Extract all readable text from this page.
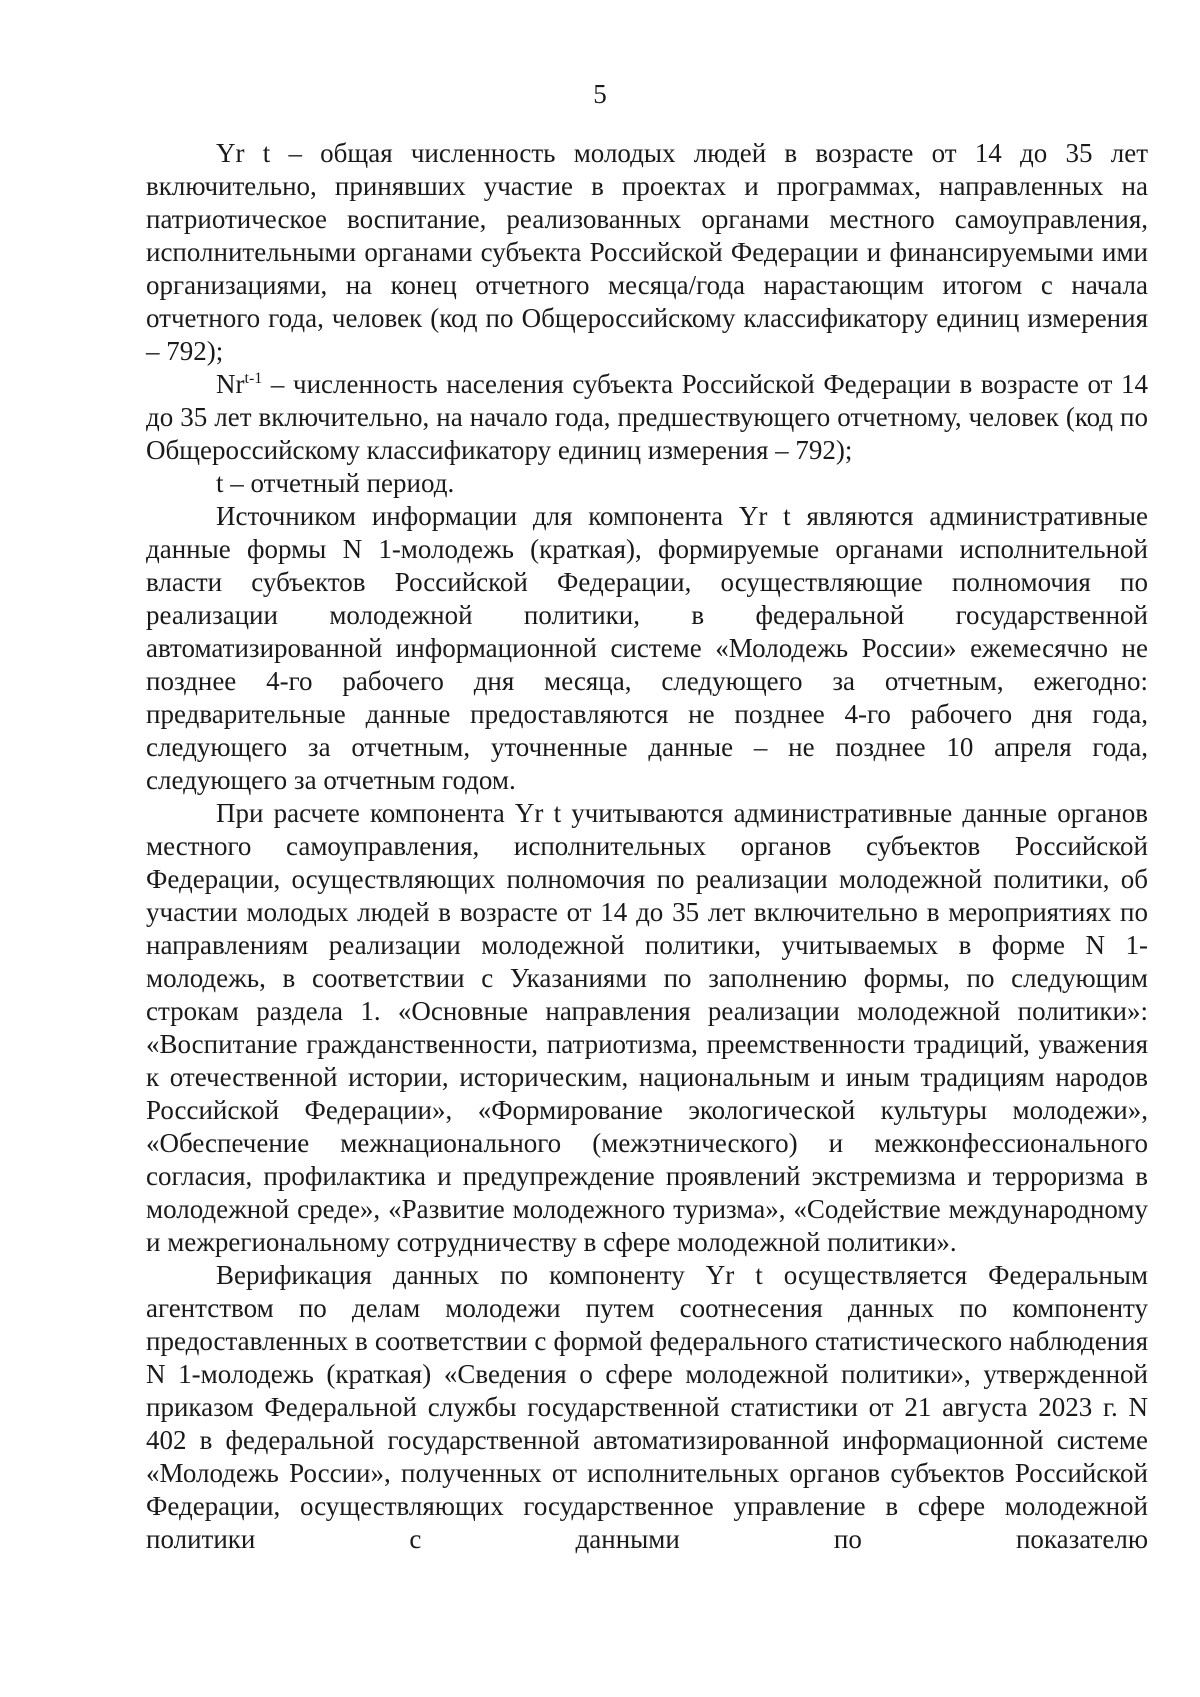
5

Yr t – общая численность молодых людей в возрасте от 14 до 35 лет включительно, принявших участие в проектах и программах, направленных на патриотическое воспитание, реализованных органами местного самоуправления, исполнительными органами субъекта Российской Федерации и финансируемыми ими организациями, на конец отчетного месяца/года нарастающим итогом с начала отчетного года, человек (код по Общероссийскому классификатору единиц измерения – 792);

Nr$^{t-1}$ – численность населения субъекта Российской Федерации в возрасте от 14 до 35 лет включительно, на начало года, предшествующего отчетному, человек (код по Общероссийскому классификатору единиц измерения – 792);

t – отчетный период.

Источником информации для компонента Yr t являются административные данные формы N 1-молодежь (краткая), формируемые органами исполнительной власти субъектов Российской Федерации, осуществляющие полномочия по реализации молодежной политики, в федеральной государственной автоматизированной информационной системе «Молодежь России» ежемесячно не позднее 4-го рабочего дня месяца, следующего за отчетным, ежегодно: предварительные данные предоставляются не позднее 4-го рабочего дня года, следующего за отчетным, уточненные данные – не позднее 10 апреля года, следующего за отчетным годом.

При расчете компонента Yr t учитываются административные данные органов местного самоуправления, исполнительных органов субъектов Российской Федерации, осуществляющих полномочия по реализации молодежной политики, об участии молодых людей в возрасте от 14 до 35 лет включительно в мероприятиях по направлениям реализации молодежной политики, учитываемых в форме N 1-молодежь, в соответствии с Указаниями по заполнению формы, по следующим строкам раздела 1. «Основные направления реализации молодежной политики»: «Воспитание гражданственности, патриотизма, преемственности традиций, уважения к отечественной истории, историческим, национальным и иным традициям народов Российской Федерации», «Формирование экологической культуры молодежи», «Обеспечение межнационального (межэтнического) и межконфессионального согласия, профилактика и предупреждение проявлений экстремизма и терроризма в молодежной среде», «Развитие молодежного туризма», «Содействие международному и межрегиональному сотрудничеству в сфере молодежной политики».

Верификация данных по компоненту Yr t осуществляется Федеральным агентством по делам молодежи путем соотнесения данных по компоненту предоставленных в соответствии с формой федерального статистического наблюдения N 1-молодежь (краткая) «Сведения о сфере молодежной политики», утвержденной приказом Федеральной службы государственной статистики от 21 августа 2023 г. N 402 в федеральной государственной автоматизированной информационной системе «Молодежь России», полученных от исполнительных органов субъектов Российской Федерации, осуществляющих государственное управление в сфере молодежной политики с данными по показателю
